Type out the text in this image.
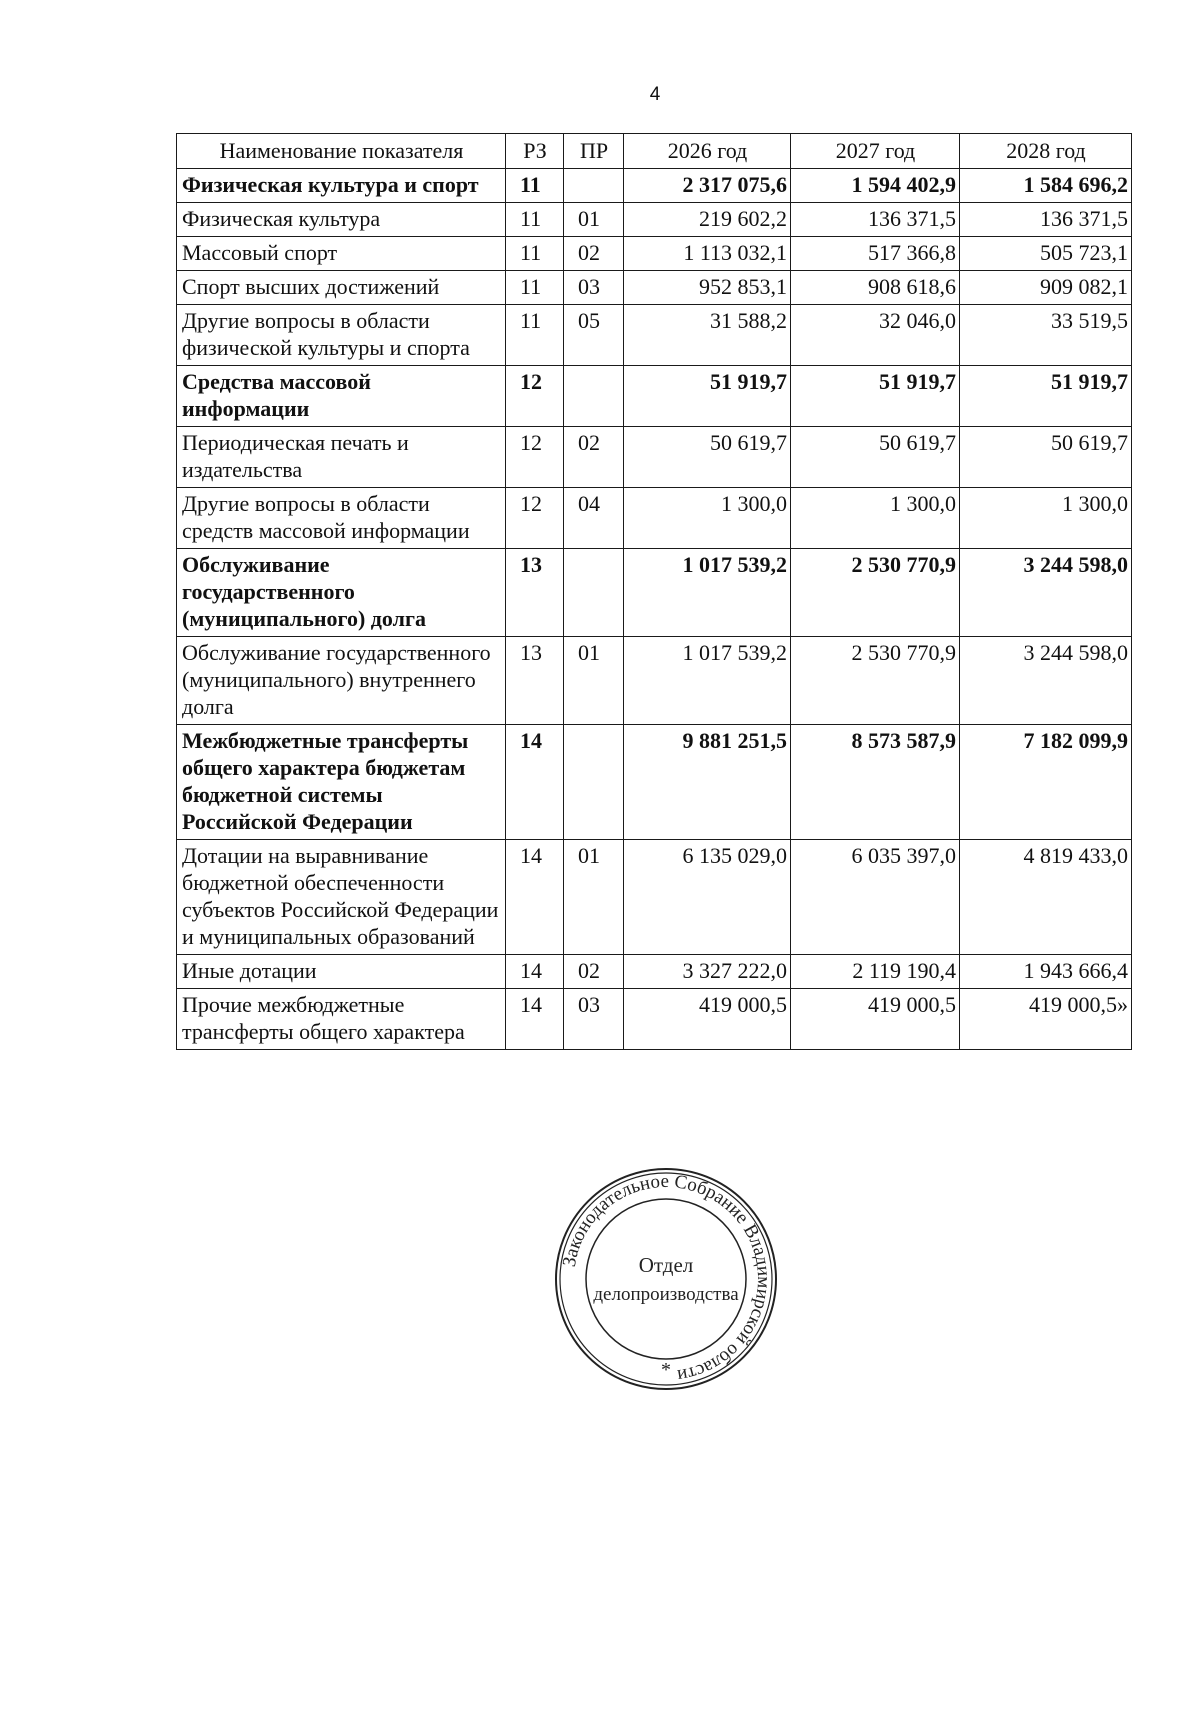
4
Наименование показателя	РЗ	ПР	2026 год	2027 год	2028 год
Физическая культура и спорт	11		2 317 075,6	1 594 402,9	1 584 696,2
Физическая культура	11	01	219 602,2	136 371,5	136 371,5
Массовый спорт	11	02	1 113 032,1	517 366,8	505 723,1
Спорт высших достижений	11	03	952 853,1	908 618,6	909 082,1
Другие вопросы в области физической культуры и спорта	11	05	31 588,2	32 046,0	33 519,5
Средства массовой информации	12		51 919,7	51 919,7	51 919,7
Периодическая печать и издательства	12	02	50 619,7	50 619,7	50 619,7
Другие вопросы в области средств массовой информации	12	04	1 300,0	1 300,0	1 300,0
Обслуживание государственного (муниципального) долга	13		1 017 539,2	2 530 770,9	3 244 598,0
Обслуживание государственного (муниципального) внутреннего долга	13	01	1 017 539,2	2 530 770,9	3 244 598,0
Межбюджетные трансферты общего характера бюджетам бюджетной системы Российской Федерации	14		9 881 251,5	8 573 587,9	7 182 099,9
Дотации на выравнивание бюджетной обеспеченности субъектов Российской Федерации и муниципальных образований	14	01	6 135 029,0	6 035 397,0	4 819 433,0
Иные дотации	14	02	3 327 222,0	2 119 190,4	1 943 666,4
Прочие межбюджетные трансферты общего характера	14	03	419 000,5	419 000,5	419 000,5»
Законодательное Собрание Владимирской области
*
Отдел
делопроизводства
